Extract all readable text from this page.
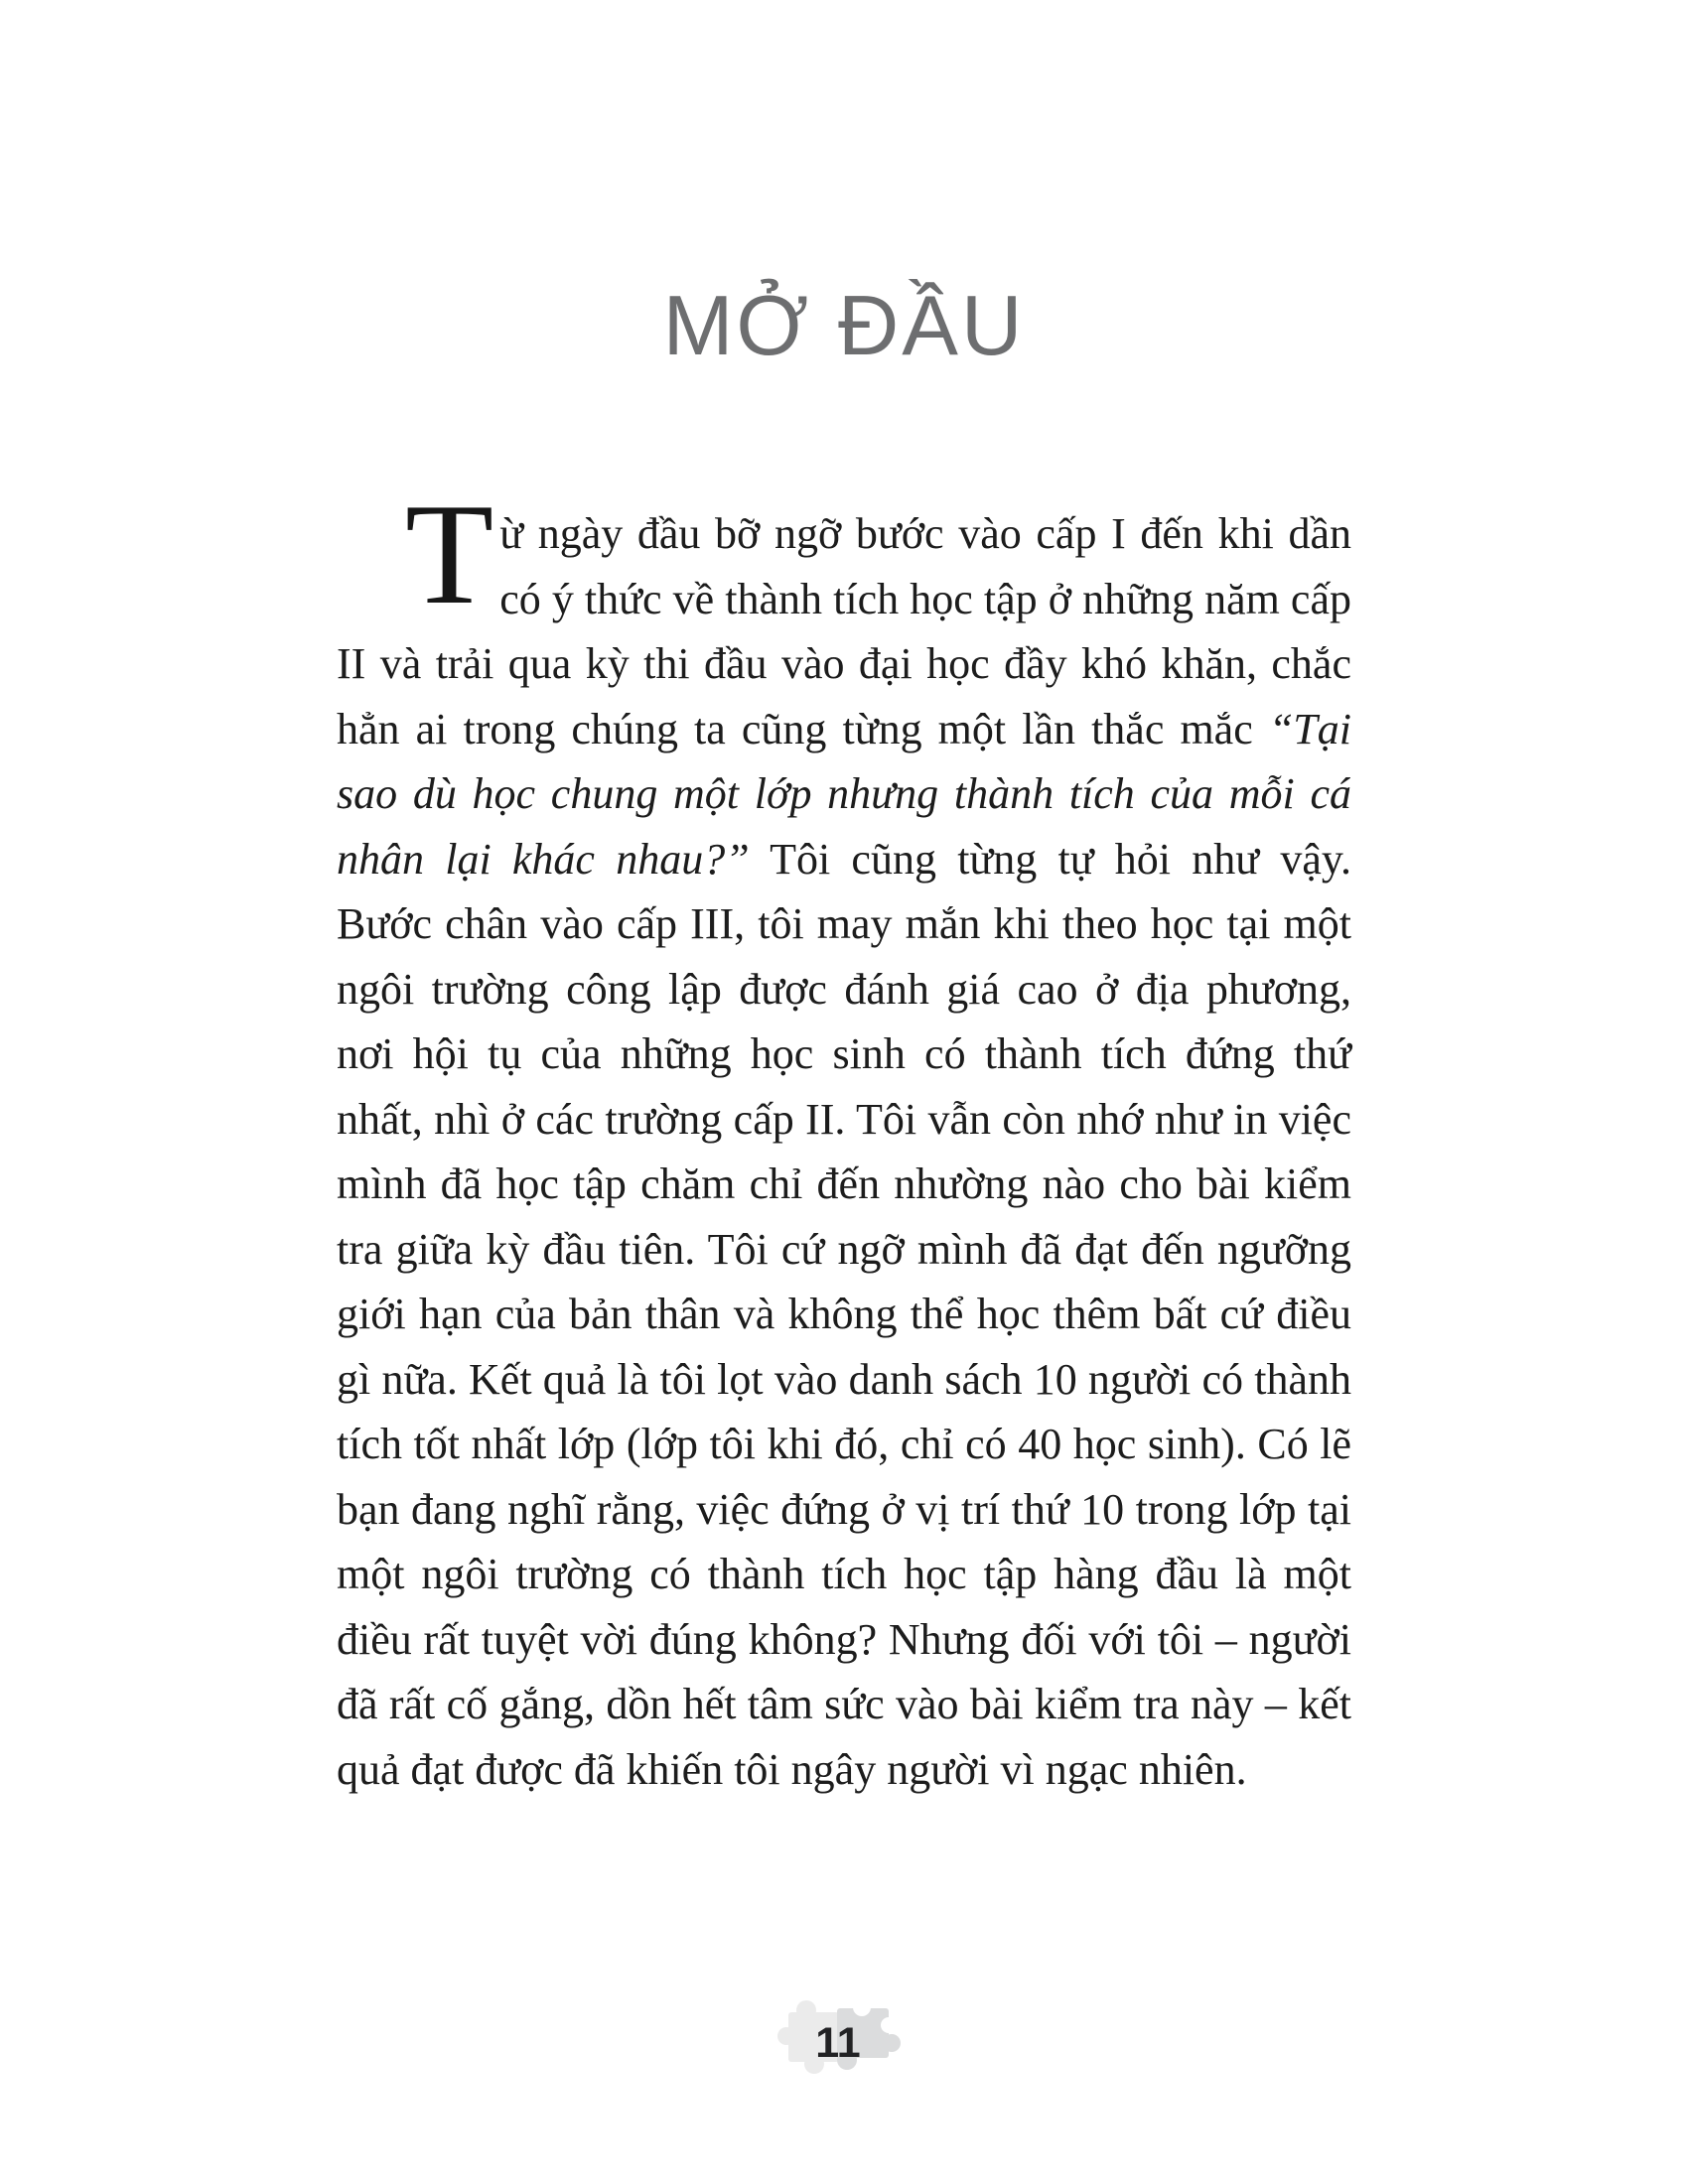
MỞ ĐẦU

Từ ngày đầu bỡ ngỡ bước vào cấp I đến khi dần có ý thức về thành tích học tập ở những năm cấp II và trải qua kỳ thi đầu vào đại học đầy khó khăn, chắc hẳn ai trong chúng ta cũng từng một lần thắc mắc “Tại sao dù học chung một lớp nhưng thành tích của mỗi cá nhân lại khác nhau?” Tôi cũng từng tự hỏi như vậy. Bước chân vào cấp III, tôi may mắn khi theo học tại một ngôi trường công lập được đánh giá cao ở địa phương, nơi hội tụ của những học sinh có thành tích đứng thứ nhất, nhì ở các trường cấp II. Tôi vẫn còn nhớ như in việc mình đã học tập chăm chỉ đến nhường nào cho bài kiểm tra giữa kỳ đầu tiên. Tôi cứ ngỡ mình đã đạt đến ngưỡng giới hạn của bản thân và không thể học thêm bất cứ điều gì nữa. Kết quả là tôi lọt vào danh sách 10 người có thành tích tốt nhất lớp (lớp tôi khi đó, chỉ có 40 học sinh). Có lẽ bạn đang nghĩ rằng, việc đứng ở vị trí thứ 10 trong lớp tại một ngôi trường có thành tích học tập hàng đầu là một điều rất tuyệt vời đúng không? Nhưng đối với tôi – người đã rất cố gắng, dồn hết tâm sức vào bài kiểm tra này – kết quả đạt được đã khiến tôi ngây người vì ngạc nhiên.

11
